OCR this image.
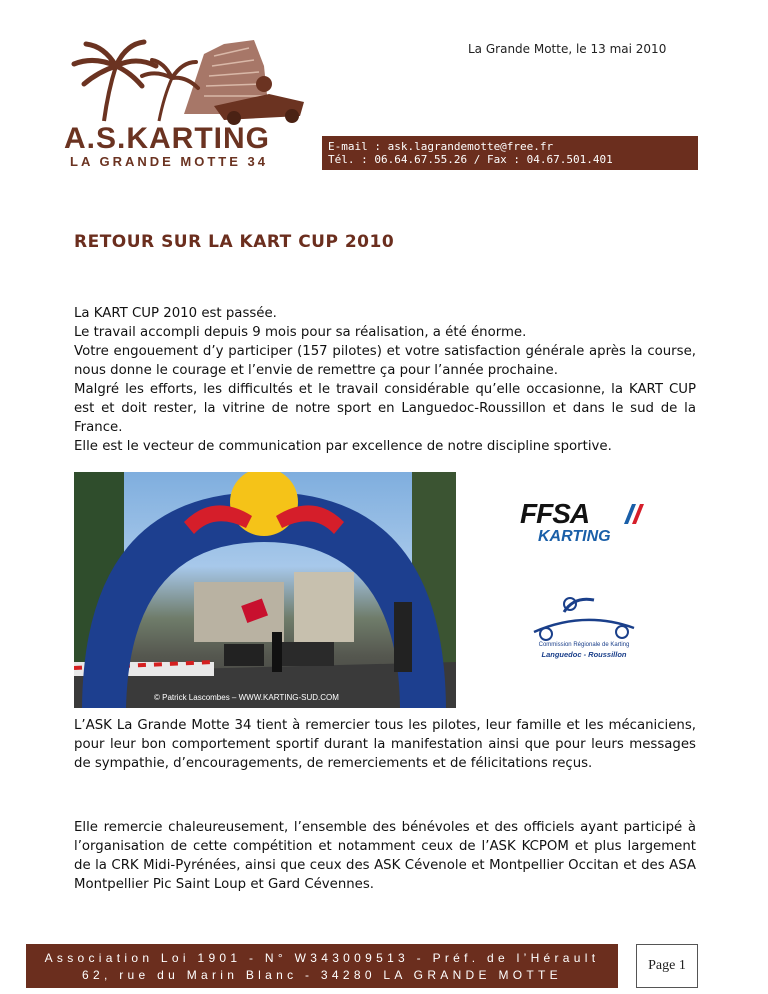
La Grande Motte, le 13 mai 2010
A.S.KARTING
LA GRANDE MOTTE 34
E-mail : ask.lagrandemotte@free.fr
Tél. : 06.64.67.55.26 / Fax : 04.67.501.401
RETOUR SUR LA KART CUP 2010
La KART CUP 2010 est passée.
Le travail accompli depuis 9 mois pour sa réalisation, a été énorme.
Votre engouement d’y participer (157 pilotes) et votre satisfaction générale après la course, nous donne le courage et l’envie de remettre ça pour l’année prochaine.
Malgré les efforts, les difficultés et le travail considérable qu’elle occasionne, la KART CUP est et doit rester, la vitrine de notre sport en Languedoc-Roussillon et dans le sud de la France.
Elle est le vecteur de communication par excellence de notre discipline sportive.
© Patrick Lascombes – WWW.KARTING-SUD.COM
FFSA
KARTING
Commission Régionale de Karting
Languedoc - Roussillon
L’ASK La Grande Motte 34 tient à remercier tous les pilotes, leur famille et les mécaniciens, pour leur bon comportement sportif durant la manifestation ainsi que pour leurs messages de sympathie, d’encouragements, de remerciements et de félicitations reçus.
Elle remercie chaleureusement, l’ensemble des bénévoles et des officiels ayant participé à l’organisation de cette compétition et notamment ceux de l’ASK KCPOM et plus largement de la CRK Midi-Pyrénées, ainsi que ceux des ASK Cévenole et Montpellier Occitan et des ASA Montpellier Pic Saint Loup et Gard Cévennes.
Association Loi 1901 - N° W343009513 - Préf. de l’Hérault
62, rue du Marin Blanc - 34280 LA GRANDE MOTTE
Page 1
